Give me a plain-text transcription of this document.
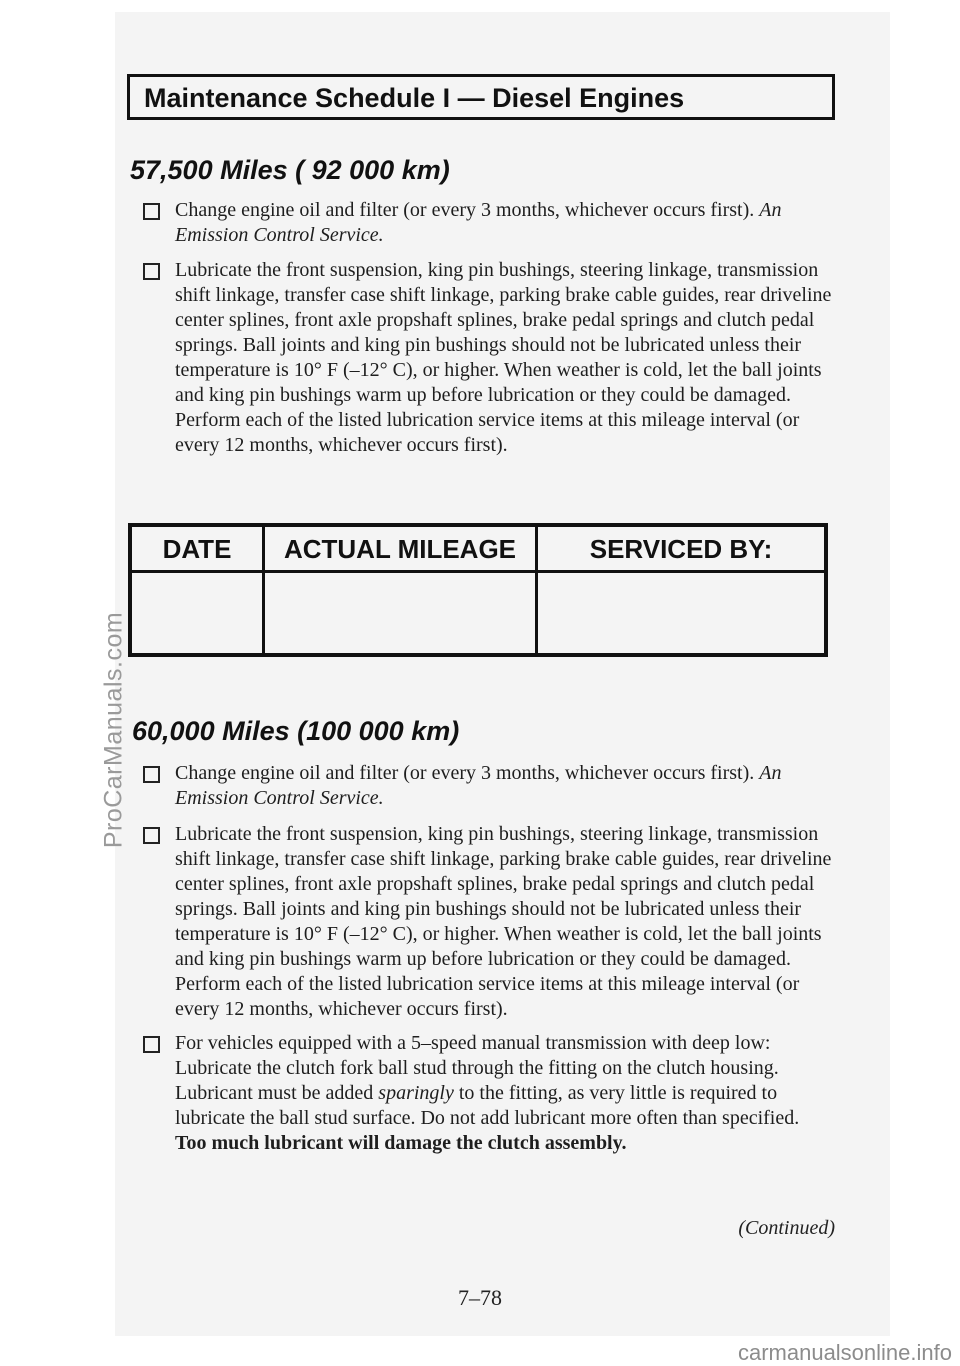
Maintenance Schedule I — Diesel Engines
57,500 Miles ( 92 000 km)

Change engine oil and filter (or every 3 months, whichever occurs first). An Emission Control Service.

Lubricate the front suspension, king pin bushings, steering linkage, transmission shift linkage, transfer case shift linkage, parking brake cable guides, rear driveline center splines, front axle propshaft splines, brake pedal springs and clutch pedal springs. Ball joints and king pin bushings should not be lubricated unless their temperature is 10° F (–12° C), or higher. When weather is cold, let the ball joints and king pin bushings warm up before lubrication or they could be damaged. Perform each of the listed lubrication service items at this mileage interval (or every 12 months, whichever occurs first).

DATE	ACTUAL MILEAGE	SERVICED BY:
60,000 Miles (100 000 km)

Change engine oil and filter (or every 3 months, whichever occurs first). An Emission Control Service.

Lubricate the front suspension, king pin bushings, steering linkage, transmission shift linkage, transfer case shift linkage, parking brake cable guides, rear driveline center splines, front axle propshaft splines, brake pedal springs and clutch pedal springs. Ball joints and king pin bushings should not be lubricated unless their temperature is 10° F (–12° C), or higher. When weather is cold, let the ball joints and king pin bushings warm up before lubrication or they could be damaged. Perform each of the listed lubrication service items at this mileage interval (or every 12 months, whichever occurs first).

For vehicles equipped with a 5–speed manual transmission with deep low: Lubricate the clutch fork ball stud through the fitting on the clutch housing. Lubricant must be added sparingly to the fitting, as very little is required to lubricate the ball stud surface. Do not add lubricant more often than specified. Too much lubricant will damage the clutch assembly.

(Continued)
7–78
ProCarManuals.com
carmanualsonline.info
